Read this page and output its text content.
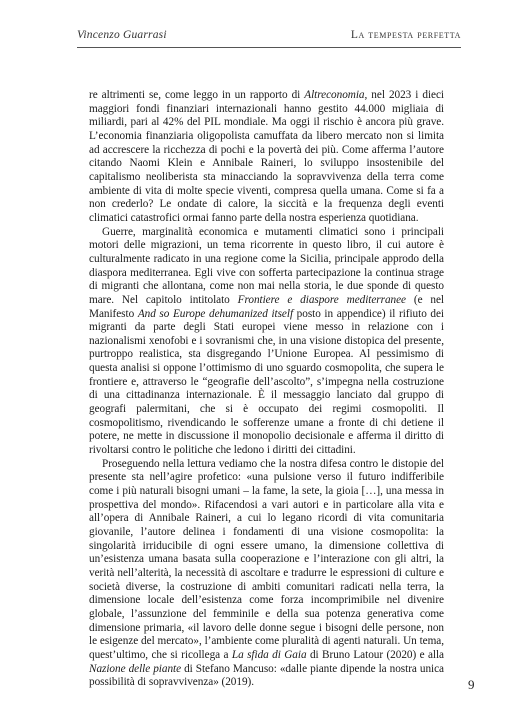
Vincenzo Guarrasi	La tempesta perfetta

re altrimenti se, come leggo in un rapporto di Altreconomia, nel 2023 i dieci maggiori fondi finanziari internazionali hanno gestito 44.000 migliaia di miliardi, pari al 42% del PIL mondiale. Ma oggi il rischio è ancora più grave. L’economia finanziaria oligopolista camuffata da libero mercato non si limita ad accrescere la ricchezza di pochi e la povertà dei più. Come afferma l’autore citando Naomi Klein e Annibale Raineri, lo sviluppo insostenibile del capitalismo neoliberista sta minacciando la sopravvivenza della terra come ambiente di vita di molte specie viventi, compresa quella umana. Come si fa a non crederlo? Le ondate di calore, la siccità e la frequenza degli eventi climatici catastrofici ormai fanno parte della nostra esperienza quotidiana.

Guerre, marginalità economica e mutamenti climatici sono i principali motori delle migrazioni, un tema ricorrente in questo libro, il cui autore è culturalmente radicato in una regione come la Sicilia, principale approdo della diaspora mediterranea. Egli vive con sofferta partecipazione la continua strage di migranti che allontana, come non mai nella storia, le due sponde di questo mare. Nel capitolo intitolato Frontiere e diaspore mediterranee (e nel Manifesto And so Europe dehumanized itself posto in appendice) il rifiuto dei migranti da parte degli Stati europei viene messo in relazione con i nazionalismi xenofobi e i sovranismi che, in una visione distopica del presente, purtroppo realistica, sta disgregando l’Unione Europea. Al pessimismo di questa analisi si oppone l’ottimismo di uno sguardo cosmopolita, che supera le frontiere e, attraverso le “geografie dell’ascolto”, s’impegna nella costruzione di una cittadinanza internazionale. È il messaggio lanciato dal gruppo di geografi palermitani, che si è occupato dei regimi cosmopoliti. Il cosmopolitismo, rivendicando le sofferenze umane a fronte di chi detiene il potere, ne mette in discussione il monopolio decisionale e afferma il diritto di rivoltarsi contro le politiche che ledono i diritti dei cittadini.

Proseguendo nella lettura vediamo che la nostra difesa contro le distopie del presente sta nell’agire profetico: «una pulsione verso il futuro indifferibile come i più naturali bisogni umani – la fame, la sete, la gioia […], una messa in prospettiva del mondo». Rifacendosi a vari autori e in particolare alla vita e all’opera di Annibale Raineri, a cui lo legano ricordi di vita comunitaria giovanile, l’autore delinea i fondamenti di una visione cosmopolita: la singolarità irriducibile di ogni essere umano, la dimensione collettiva di un’esistenza umana basata sulla cooperazione e l’interazione con gli altri, la verità nell’alterità, la necessità di ascoltare e tradurre le espressioni di culture e società diverse, la costruzione di ambiti comunitari radicati nella terra, la dimensione locale dell’esistenza come forza incomprimibile nel divenire globale, l’assunzione del femminile e della sua potenza generativa come dimensione primaria, «il lavoro delle donne segue i bisogni delle persone, non le esigenze del mercato», l’ambiente come pluralità di agenti naturali. Un tema, quest’ultimo, che si ricollega a La sfida di Gaia di Bruno Latour (2020) e alla Nazione delle piante di Stefano Mancuso: «dalle piante dipende la nostra unica possibilità di sopravvivenza» (2019).	9
